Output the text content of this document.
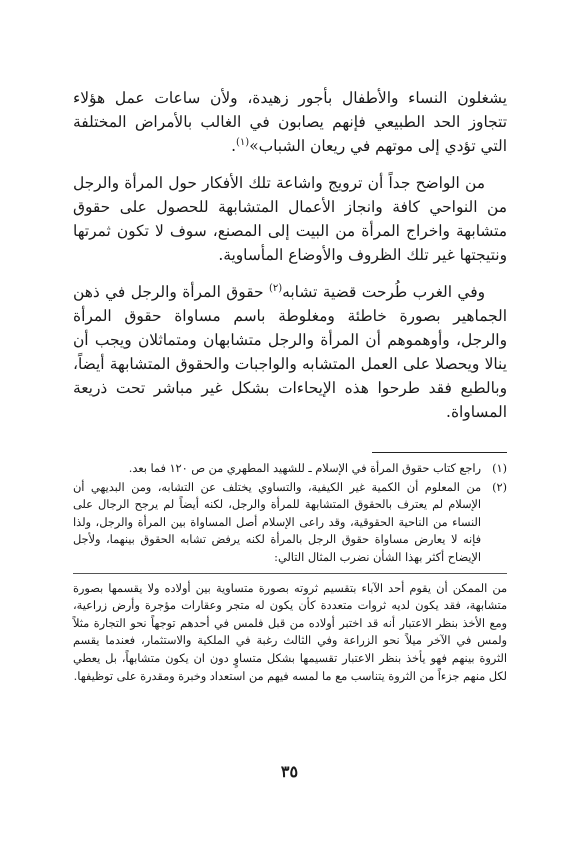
يشغلون النساء والأطفال بأجور زهيدة، ولأن ساعات عمل هؤلاء تتجاوز الحد الطبيعي فإنهم يصابون في الغالب بالأمراض المختلفة التي تؤدي إلى موتهم في ريعان الشباب»$^{(١)}$.

من الواضح جداً أن ترويج واشاعة تلك الأفكار حول المرأة والرجل من النواحي كافة وانجاز الأعمال المتشابهة للحصول على حقوق متشابهة واخراج المرأة من البيت إلى المصنع، سوف لا تكون ثمرتها ونتيجتها غير تلك الظروف والأوضاع المأساوية.

وفي الغرب طُرحت قضية تشابه$^{(٢)}$ حقوق المرأة والرجل في ذهن الجماهير بصورة خاطئة ومغلوطة باسم مساواة حقوق المرأة والرجل، وأوهموهم أن المرأة والرجل متشابهان ومتماثلان ويجب أن ينالا ويحصلا على العمل المتشابه والواجبات والحقوق المتشابهة أيضاً، وبالطبع فقد طرحوا هذه الإيحاءات بشكل غير مباشر تحت ذريعة المساواة.

(١)
راجع كتاب حقوق المرأة في الإسلام ـ للشهيد المطهري من ص ١٢٠ فما بعد.
(٢)
من المعلوم أن الكمية غير الكيفية، والتساوي يختلف عن التشابه، ومن البديهي أن الإسلام لم يعترف بالحقوق المتشابهة للمرأة والرجل، لكنه أيضاً لم يرجح الرجال على النساء من الناحية الحقوقية، وقد راعى الإسلام أصل المساواة بين المرأة والرجل، ولذا فإنه لا يعارض مساواة حقوق الرجل بالمرأة لكنه يرفض تشابه الحقوق بينهما، ولأجل الإيضاح أكثر بهذا الشأن نضرب المثال التالي:
من الممكن أن يقوم أحد الآباء بتقسيم ثروته بصورة متساوية بين أولاده ولا يقسمها بصورة متشابهة، فقد يكون لديه ثروات متعددة كأن يكون له متجر وعقارات مؤجرة وأرض زراعية، ومع الأخذ بنظر الاعتبار أنه قد اختبر أولاده من قبل فلمس في أحدهم توجهاً نحو التجارة مثلاً ولمس في الآخر ميلاً نحو الزراعة وفي الثالث رغبة في الملكية والاستثمار، فعندما يقسم الثروة بينهم فهو يأخذ بنظر الاعتبار تقسيمها بشكل متساوٍ دون ان يكون متشابهاً، بل يعطي لكل منهم جزءاً من الثروة يتناسب مع ما لمسه فيهم من استعداد وخبرة ومقدرة على توظيفها.
٣٥
